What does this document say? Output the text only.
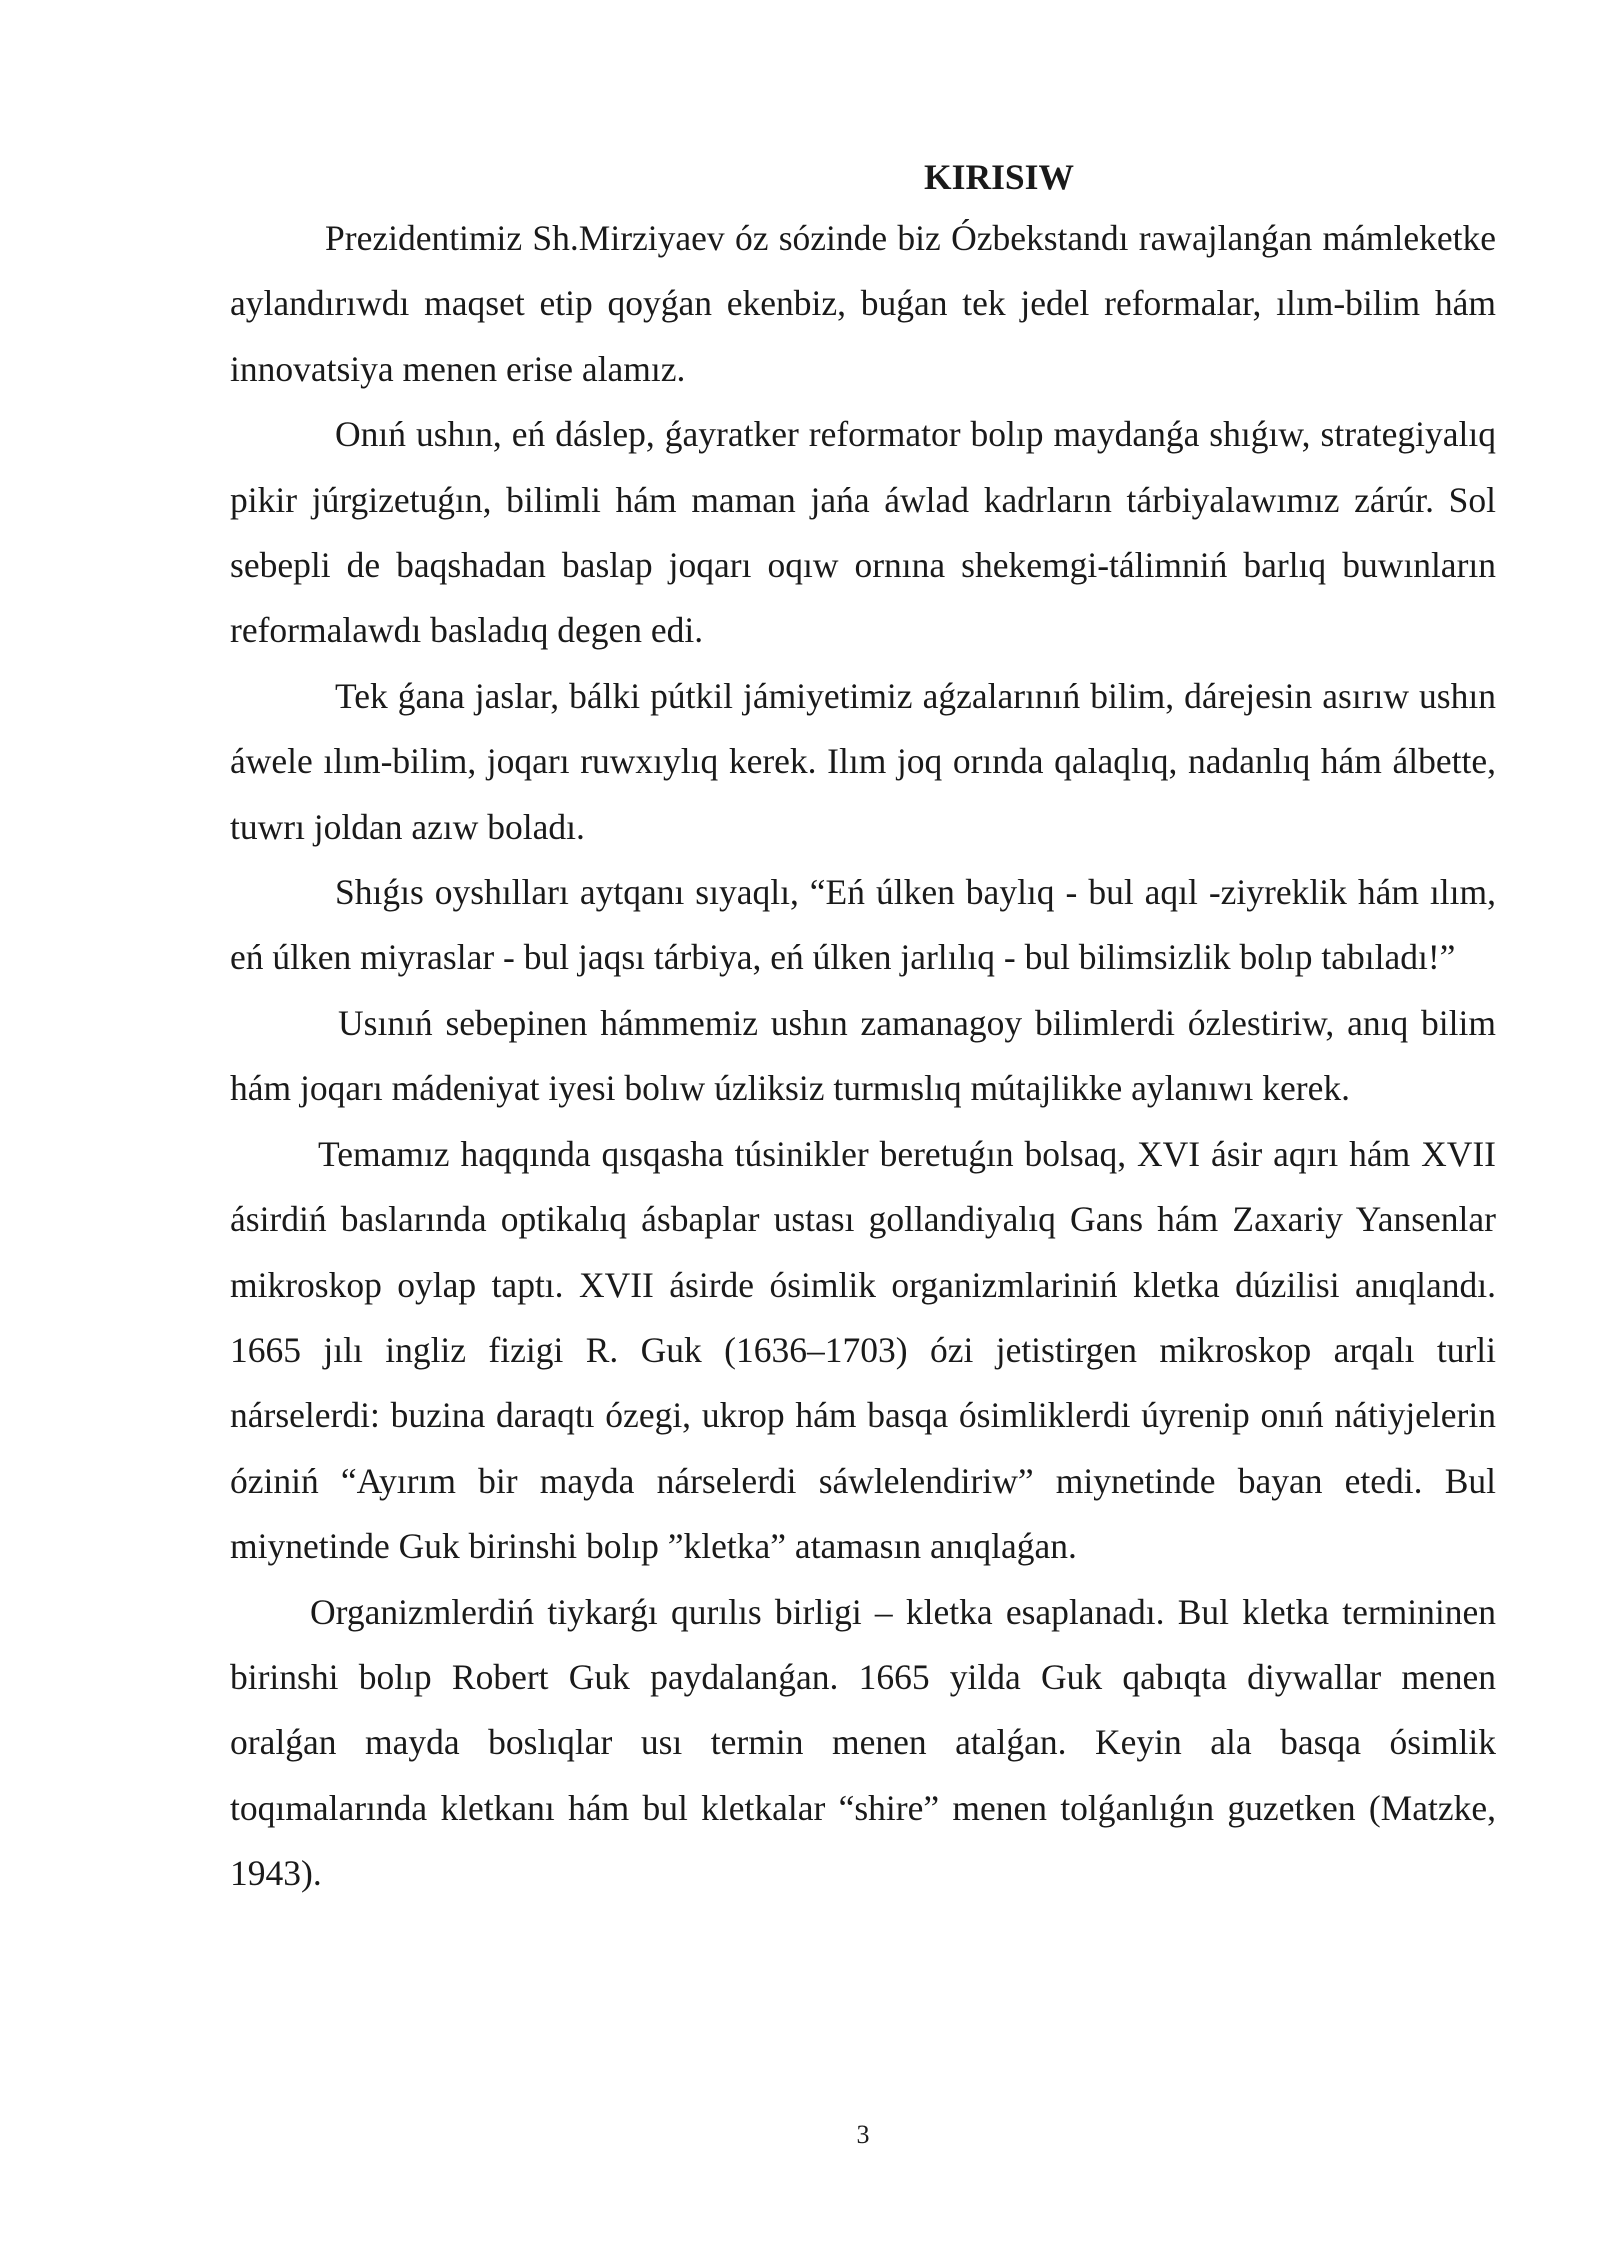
KIRISIW

Prezidentimiz Sh.Mirziyaev óz sózinde biz Ózbekstandı rawajlanǵan mámleketke aylandırıwdı maqset etip qoyǵan ekenbiz, buǵan tek jedel reformalar, ılım-bilim hám innovatsiya menen erise alamız.

Onıń ushın, eń dáslep, ǵayratker reformator bolıp maydanǵa shıǵıw, strategiyalıq pikir júrgizetuǵın, bilimli hám maman jańa áwlad kadrların tárbiyalawımız zárúr. Sol sebepli de baqshadan baslap joqarı oqıw ornına shekemgi-tálimniń barlıq buwınların reformalawdı basladıq degen edi.

Tek ǵana jaslar, bálki pútkil jámiyetimiz aǵzalarınıń bilim, dárejesin asırıw ushın áwele ılım-bilim, joqarı ruwxıylıq kerek. Ilım joq orında qalaqlıq, nadanlıq hám álbette, tuwrı joldan azıw boladı.

Shıǵıs oyshılları aytqanı sıyaqlı, “Eń úlken baylıq - bul aqıl -ziyreklik hám ılım, eń úlken miyraslar - bul jaqsı tárbiya, eń úlken jarlılıq - bul bilimsizlik bolıp tabıladı!”

Usınıń sebepinen hámmemiz ushın zamanagoy bilimlerdi ózlestiriw, anıq bilim hám joqarı mádeniyat iyesi bolıw úzliksiz turmıslıq mútajlikke aylanıwı kerek.

Temamız haqqında qısqasha túsinikler beretuǵın bolsaq, XVI ásir aqırı hám XVII ásirdiń baslarında optikalıq ásbaplar ustası gollandiyalıq Gans hám Zaxariy Yansenlar mikroskop oylap taptı. XVII ásirde ósimlik organizmlariniń kletka dúzilisi anıqlandı. 1665 jılı ingliz fizigi R. Guk (1636–1703) ózi jetistirgen mikroskop arqalı turli nárselerdi: buzina daraqtı ózegi, ukrop hám basqa ósimliklerdi úyrenip onıń nátiyjelerin óziniń “Ayırım bir mayda nárselerdi sáwlelendiriw” miynetinde bayan etedi. Bul miynetinde Guk birinshi bolıp ”kletka” atamasın anıqlaǵan.

Organizmlerdiń tiykarǵı qurılıs birligi – kletka esaplanadı. Bul kletka termininen birinshi bolıp Robert Guk paydalanǵan. 1665 yilda Guk qabıqta diywallar menen oralǵan mayda boslıqlar usı termin menen atalǵan. Keyin ala basqa ósimlik toqımalarında kletkanı hám bul kletkalar “shire” menen tolǵanlıǵın guzetken (Matzke, 1943).

3
